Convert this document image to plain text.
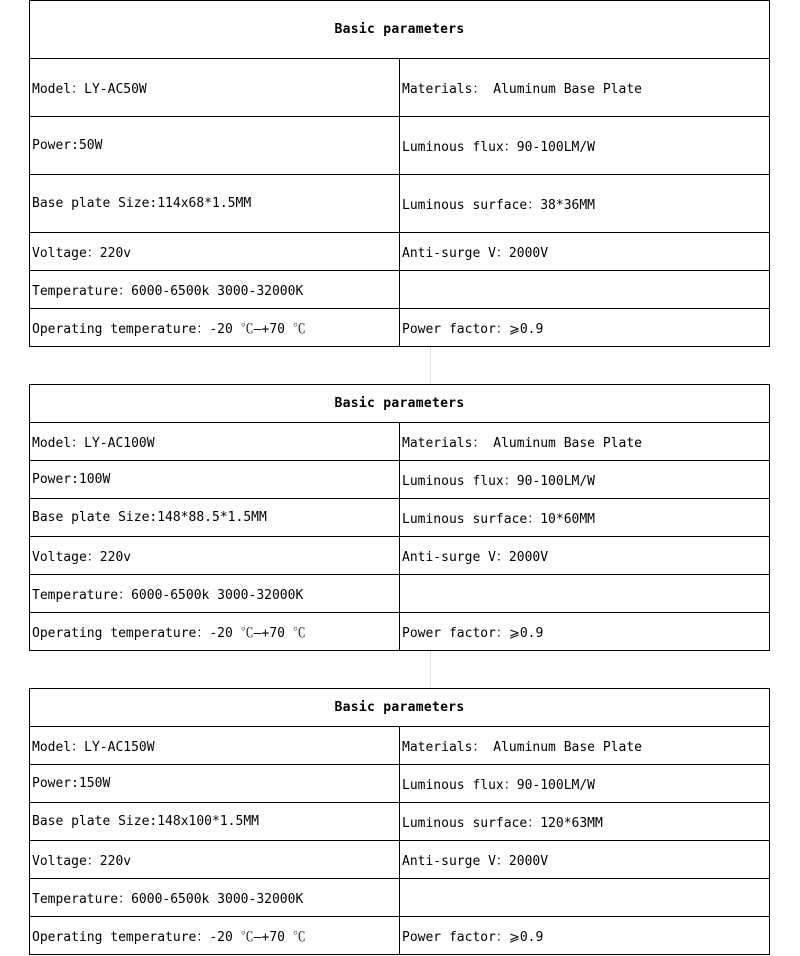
Basic parameters	
Model：LY-AC50W	Materials： Aluminum Base Plate
Power:50W	Luminous flux：90-100LM/W
Base plate Size:114x68*1.5MM	Luminous surface：38*36MM
Voltage：220v	Anti-surge V：2000V
Temperature：6000-6500k 3000-32000K	
Operating temperature：-20 ℃—+70 ℃	Power factor：⩾0.9
Basic parameters	
Model：LY-AC100W	Materials： Aluminum Base Plate
Power:100W	Luminous flux：90-100LM/W
Base plate Size:148*88.5*1.5MM	Luminous surface：10*60MM
Voltage：220v	Anti-surge V：2000V
Temperature：6000-6500k 3000-32000K	
Operating temperature：-20 ℃—+70 ℃	Power factor：⩾0.9
Basic parameters	
Model：LY-AC150W	Materials： Aluminum Base Plate
Power:150W	Luminous flux：90-100LM/W
Base plate Size:148x100*1.5MM	Luminous surface：120*63MM
Voltage：220v	Anti-surge V：2000V
Temperature：6000-6500k 3000-32000K	
Operating temperature：-20 ℃—+70 ℃	Power factor：⩾0.9
